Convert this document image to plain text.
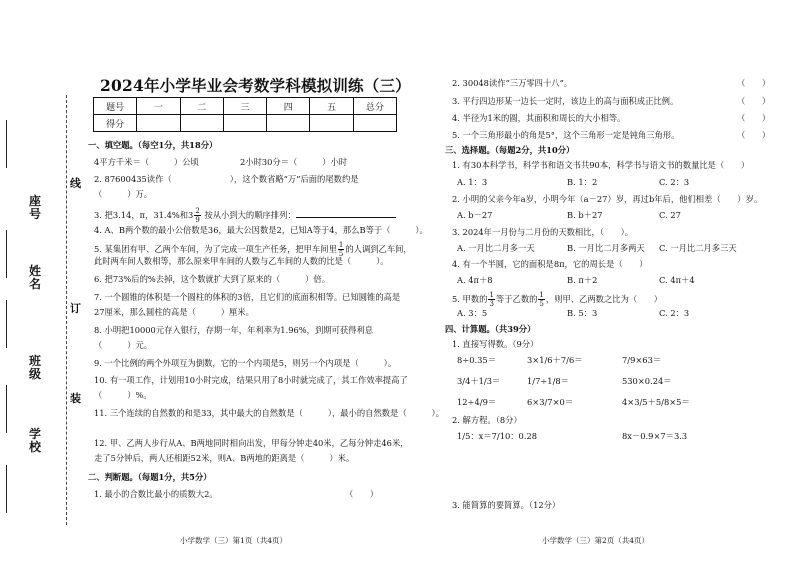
线
订
装
座号
姓名
班级
学校
2024年小学毕业会考数学科模拟训练（三）
题号	一	二	三	四	五	总分
得分						
一、填空题。（每空1分，共18分）
4平方千米＝（　　　）公顷	2小时30分＝（　　　）小时
2. 87600435读作（　　　　　　　），这个数省略“万”后面的尾数约是
（　　　）万。
3. 把3.14，π，31.4%和$3 \frac{2}{9}$ 按从小到大的顺序排列：
4. A、B两个数的最小公倍数是36，最大公因数是2，已知A等于4，那么B等于（　　　）。
5. 某集团有甲、乙两个车间，为了完成一项生产任务，把甲车间里 $\frac{1}{5}$ 的人调到乙车间，
此时两车间人数相等，那么原来甲车间的人数与乙车间的人数的比是（　　　）。
6. 把73%后的%去掉，这个数就扩大到了原来的（　　　）倍。
7. 一个圆锥的体积是一个圆柱的体积的3倍，且它们的底面积相等。已知圆锥的高是
27厘米，那么圆柱的高是（　　　）厘米。
8. 小明把10000元存入银行，存期一年，年利率为1.96%，到期可获得利息
（　　　）元。
9. 一个比例的两个外项互为倒数，它的一个内项是5，则另一个内项是（　　　）。
10. 有一项工作，计划用10小时完成，结果只用了8小时就完成了，其工作效率提高了
（　　　）%。
11. 三个连续的自然数的和是33，其中最大的自然数是（　　　），最小的自然数是（　　　）。
12. 甲、乙两人步行从A、B两地同时相向出发，甲每分钟走40米，乙每分钟走46米，
走了5分钟后，两人还相距52米，则A、B两地的距离是（　　　）米。
二、判断题。（每题1分，共5分）
1. 最小的合数比最小的质数大2。	（　　）
小学数学（三）第1页（共4页）
2. 30048读作“三万零四十八”。	（　　）
3. 平行四边形某一边长一定时，该边上的高与面积成正比例。	（　　）
4. 半径为1米的圆，其面积和周长的大小相等。	（　　）
5. 一个三角形最小的角是5°，这个三角形一定是钝角三角形。	（　　）
三、选择题。（每题2分，共10分）
1. 有30本科学书，科学书和语文书共90本，科学书与语文书的数量比是（　　）
A. 1：3	B. 1：2	C. 2：3
2. 小明的父亲今年a岁，小明今年（a－27）岁，再过b年后，他们相差（　　）岁。
A. b－27	B. b＋27	C. 27
3. 2024年一月份与二月份的天数相比，（　　）。
A. 一月比二月多一天	B. 一月比二月多两天 C. 一月比二月多三天
4. 有一个半圆，它的面积是8π，它的周长是（　　）
A. 4π＋8	B. π＋2	C. 4π＋4
5. 甲数的 $\frac{1}{3}$ 等于乙数的 $\frac{1}{5}$ ，则甲、乙两数之比为（　　）
A. 3：5	B. 5：3	C. 2：3
四、计算题。（共39分）
1. 直接写得数。（9分）
8÷0.35＝	3×1/6＋7/6＝	7/9×63＝
3/4＋1/3＝	1/7÷1/8＝	530×0.24＝
12÷4/9＝	6×3/7×0＝	4×3/5＋5/8×5＝
2. 解方程。（8分）
1/5：x＝7/10：0.28	8x－0.9×7＝3.3
3. 能简算的要简算。（12分）
小学数学（三）第2页（共4页）
